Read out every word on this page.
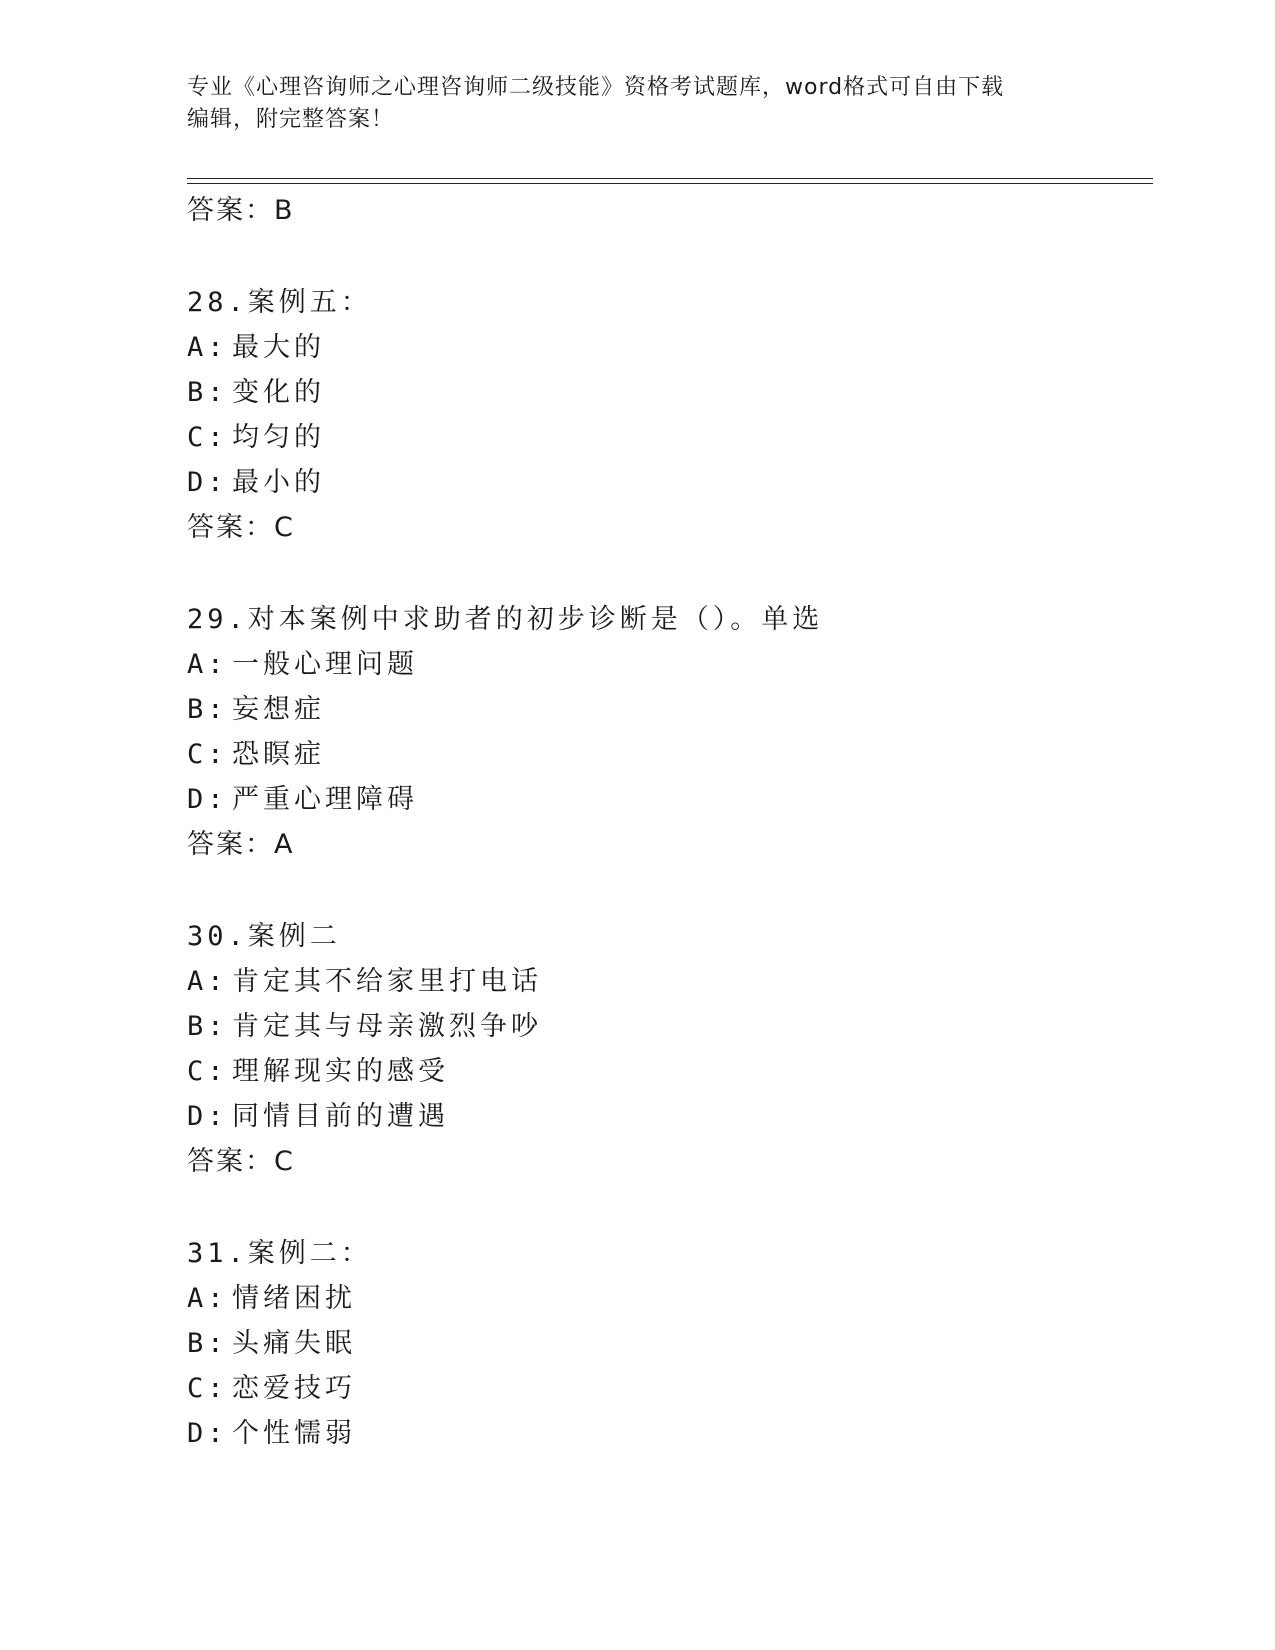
专业《心理咨询师之心理咨询师二级技能》资格考试题库，word格式可自由下载
编辑，附完整答案！
答案：B
28.案例五：
A: 最大的
B: 变化的
C: 均匀的
D: 最小的
答案：C
29.对本案例中求助者的初步诊断是（）。单选
A: 一般心理问题
B: 妄想症
C: 恐瞑症
D: 严重心理障碍
答案：A
30.案例二
A: 肯定其不给家里打电话
B: 肯定其与母亲激烈争吵
C: 理解现实的感受
D: 同情目前的遭遇
答案：C
31.案例二：
A: 情绪困扰
B: 头痛失眠
C: 恋爱技巧
D: 个性懦弱
